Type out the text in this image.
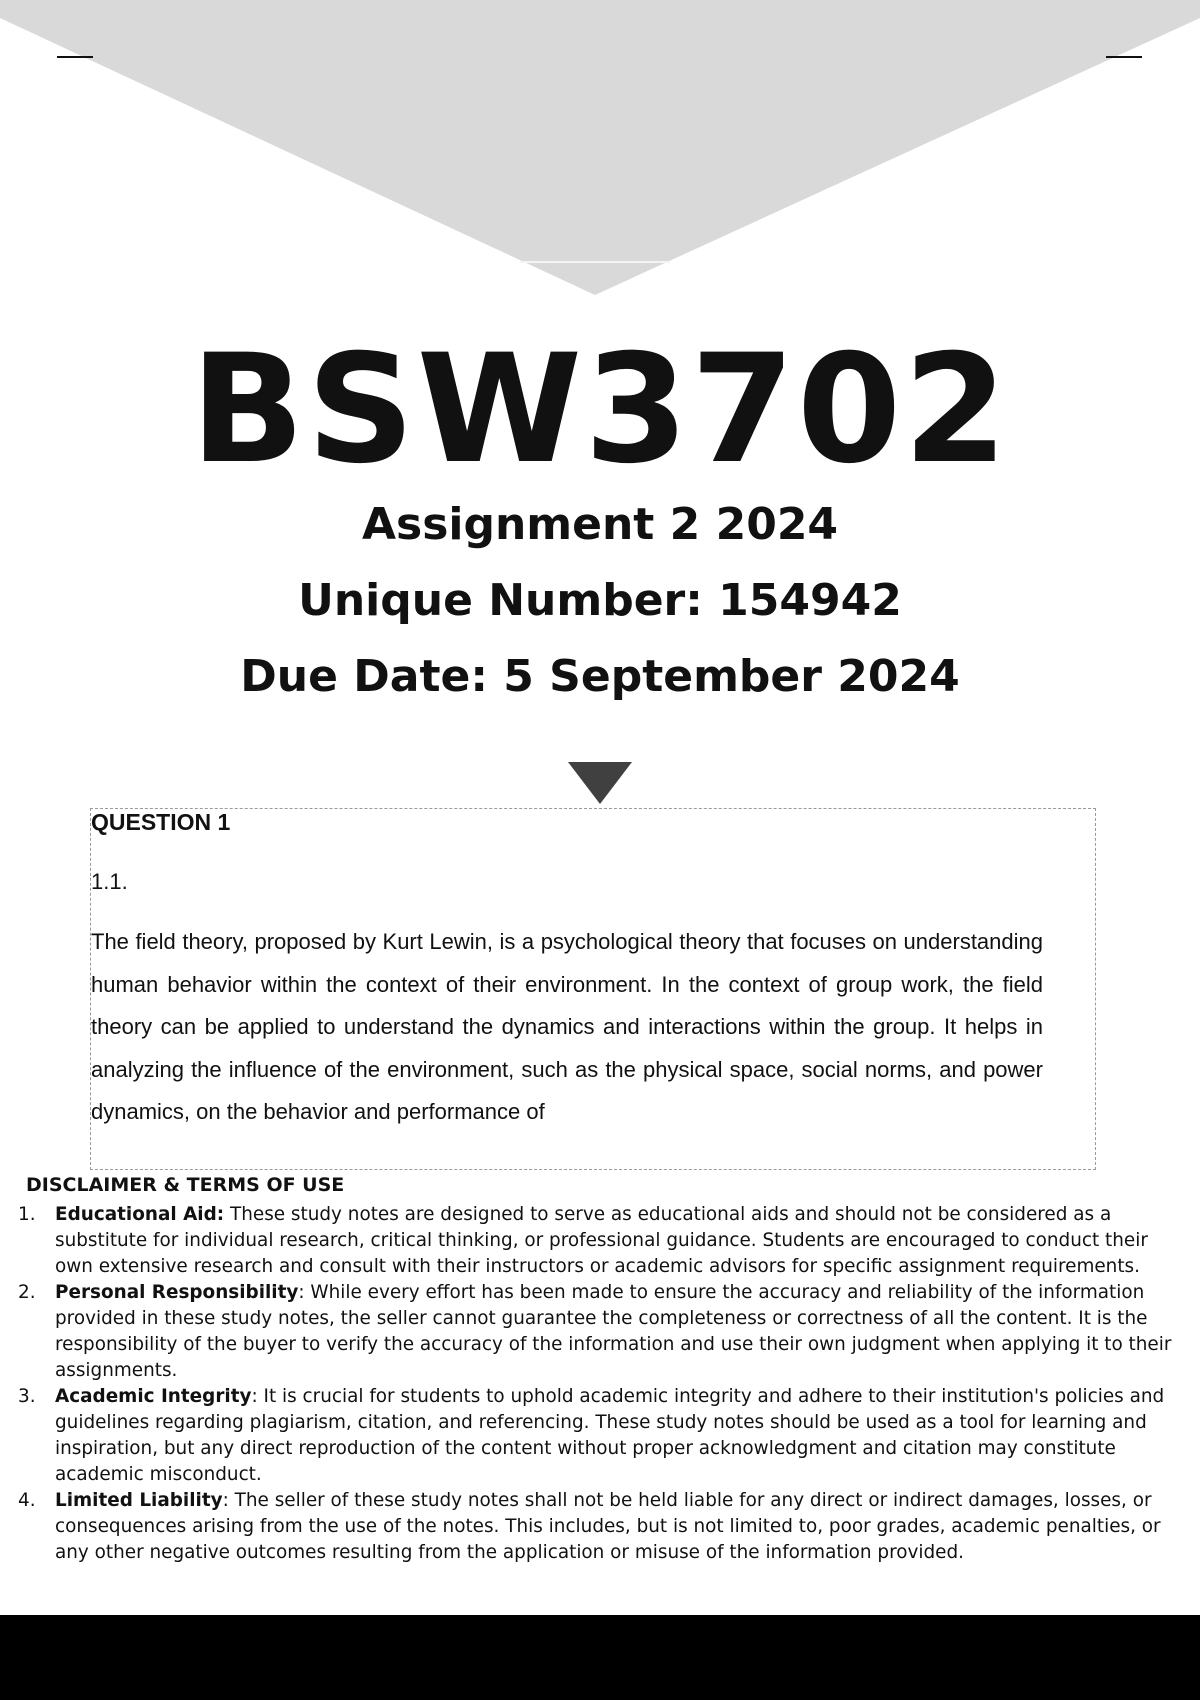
BSW3702

Assignment 2 2024

Unique Number: 154942

Due Date: 5 September 2024

QUESTION 1

1.1.

The field theory, proposed by Kurt Lewin, is a psychological theory that focuses on understanding human behavior within the context of their environment. In the context of group work, the field theory can be applied to understand the dynamics and interactions within the group. It helps in analyzing the influence of the environment, such as the physical space, social norms, and power dynamics, on the behavior and performance of

DISCLAIMER & TERMS OF USE

1. Educational Aid: These study notes are designed to serve as educational aids and should not be considered as a substitute for individual research, critical thinking, or professional guidance. Students are encouraged to conduct their own extensive research and consult with their instructors or academic advisors for specific assignment requirements.
2. Personal Responsibility: While every effort has been made to ensure the accuracy and reliability of the information provided in these study notes, the seller cannot guarantee the completeness or correctness of all the content. It is the responsibility of the buyer to verify the accuracy of the information and use their own judgment when applying it to their assignments.
3. Academic Integrity: It is crucial for students to uphold academic integrity and adhere to their institution's policies and guidelines regarding plagiarism, citation, and referencing. These study notes should be used as a tool for learning and inspiration, but any direct reproduction of the content without proper acknowledgment and citation may constitute academic misconduct.
4. Limited Liability: The seller of these study notes shall not be held liable for any direct or indirect damages, losses, or consequences arising from the use of the notes. This includes, but is not limited to, poor grades, academic penalties, or any other negative outcomes resulting from the application or misuse of the information provided.
